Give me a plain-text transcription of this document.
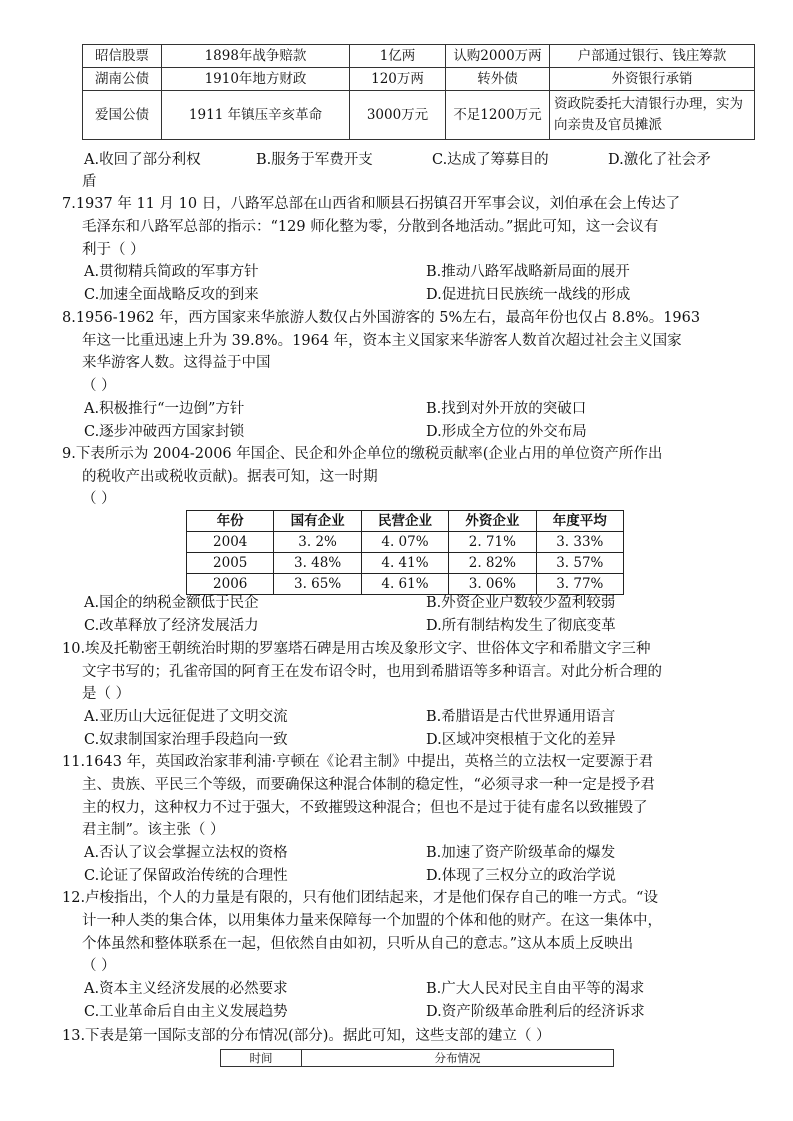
昭信股票	1898年战争赔款	1亿两	认购2000万两	户部通过银行、钱庄筹款
湖南公债	1910年地方财政	120万两	转外债	外资银行承销
爱国公债	1911 年镇压辛亥革命	3000万元	不足1200万元	资政院委托大清银行办理，实为向亲贵及官员摊派
A.收回了部分利权	B.服务于军费开支	C.达成了筹募目的	D.激化了社会矛
盾
7.1937 年 11 月 10 日，八路军总部在山西省和顺县石拐镇召开军事会议，刘伯承在会上传达了
毛泽东和八路军总部的指示：“129 师化整为零，分散到各地活动。”据此可知，这一会议有
利于（ ）
A.贯彻精兵简政的军事方针	B.推动八路军战略新局面的展开
C.加速全面战略反攻的到来	D.促进抗日民族统一战线的形成
8.1956-1962 年，西方国家来华旅游人数仅占外国游客的 5%左右，最高年份也仅占 8.8%。1963
年这一比重迅速上升为 39.8%。1964 年，资本主义国家来华游客人数首次超过社会主义国家
来华游客人数。这得益于中国
（ ）
A.积极推行“一边倒”方针	B.找到对外开放的突破口
C.逐步冲破西方国家封锁	D.形成全方位的外交布局
9.下表所示为 2004-2006 年国企、民企和外企单位的缴税贡献率(企业占用的单位资产所作出
的税收产出或税收贡献)。据表可知，这一时期
（ ）
年份	国有企业	民营企业	外资企业	年度平均
2004	3. 2%	4. 07%	2. 71%	3. 33%
2005	3. 48%	4. 41%	2. 82%	3. 57%
2006	3. 65%	4. 61%	3. 06%	3. 77%
A.国企的纳税金额低于民企	B.外资企业户数较少盈利较弱
C.改革释放了经济发展活力	D.所有制结构发生了彻底变革
10.埃及托勒密王朝统治时期的罗塞塔石碑是用古埃及象形文字、世俗体文字和希腊文字三种
文字书写的；孔雀帝国的阿育王在发布诏令时，也用到希腊语等多种语言。对此分析合理的
是（ ）
A.亚历山大远征促进了文明交流	B.希腊语是古代世界通用语言
C.奴隶制国家治理手段趋向一致	D.区域冲突根植于文化的差异
11.1643 年，英国政治家菲利浦·亨顿在《论君主制》中提出，英格兰的立法权一定要源于君
主、贵族、平民三个等级，而要确保这种混合体制的稳定性，“必须寻求一种一定是授予君
主的权力，这种权力不过于强大，不致摧毁这种混合；但也不是过于徒有虚名以致摧毁了
君主制”。该主张（ ）
A.否认了议会掌握立法权的资格	B.加速了资产阶级革命的爆发
C.论证了保留政治传统的合理性	D.体现了三权分立的政治学说
12.卢梭指出，个人的力量是有限的，只有他们团结起来，才是他们保存自己的唯一方式。“设
计一种人类的集合体，以用集体力量来保障每一个加盟的个体和他的财产。在这一集体中，
个体虽然和整体联系在一起，但依然自由如初，只听从自己的意志。”这从本质上反映出
（ ）
A.资本主义经济发展的必然要求	B.广大人民对民主自由平等的渴求
C.工业革命后自由主义发展趋势	D.资产阶级革命胜利后的经济诉求
13.下表是第一国际支部的分布情况(部分)。据此可知，这些支部的建立（ ）
时间	分布情况
